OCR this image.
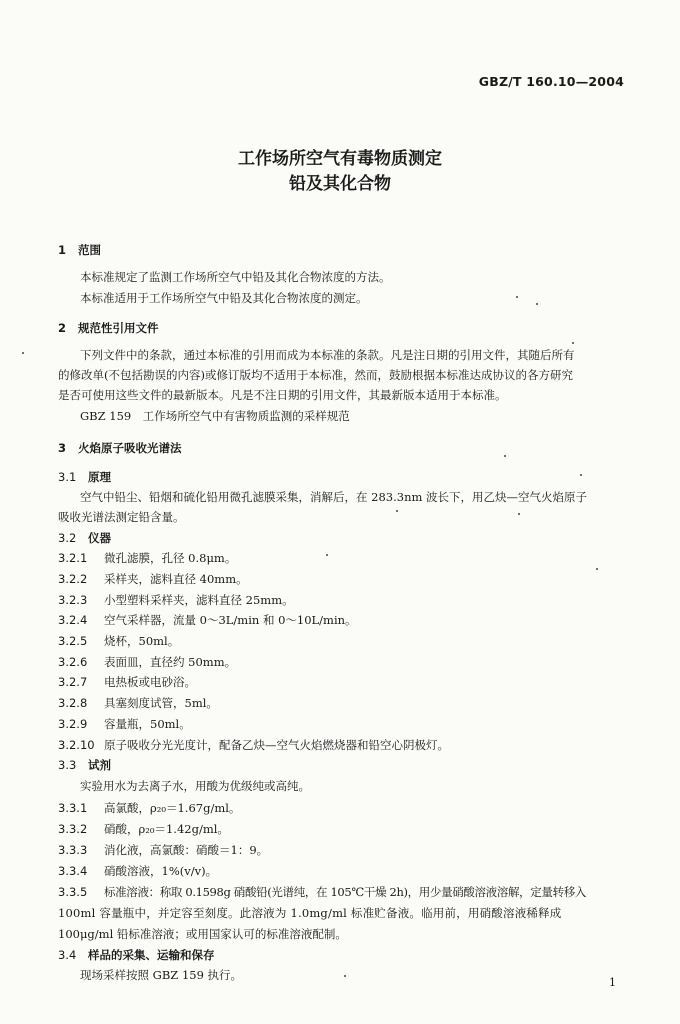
GBZ/T 160.10—2004
工作场所空气有毒物质测定
铅及其化合物
1 范围
本标准规定了监测工作场所空气中铅及其化合物浓度的方法。
本标准适用于工作场所空气中铅及其化合物浓度的测定。
2 规范性引用文件
下列文件中的条款，通过本标准的引用而成为本标准的条款。凡是注日期的引用文件，其随后所有
的修改单(不包括勘误的内容)或修订版均不适用于本标准，然而，鼓励根据本标准达成协议的各方研究
是否可使用这些文件的最新版本。凡是不注日期的引用文件，其最新版本适用于本标准。
GBZ 159　工作场所空气中有害物质监测的采样规范
3 火焰原子吸收光谱法
3.1 原理
空气中铅尘、铅烟和硫化铅用微孔滤膜采集，消解后，在 283.3nm 波长下，用乙炔—空气火焰原子
吸收光谱法测定铅含量。
3.2 仪器
3.2.1 微孔滤膜，孔径 0.8μm。
3.2.2 采样夹，滤料直径 40mm。
3.2.3 小型塑料采样夹，滤料直径 25mm。
3.2.4 空气采样器，流量 0～3L/min 和 0～10L/min。
3.2.5 烧杯，50ml。
3.2.6 表面皿，直径约 50mm。
3.2.7 电热板或电砂浴。
3.2.8 具塞刻度试管，5ml。
3.2.9 容量瓶，50ml。
3.2.10 原子吸收分光光度计，配备乙炔—空气火焰燃烧器和铅空心阴极灯。
3.3 试剂
实验用水为去离子水，用酸为优级纯或高纯。
3.3.1 高氯酸，ρ₂₀＝1.67g/ml。
3.3.2 硝酸，ρ₂₀＝1.42g/ml。
3.3.3 消化液，高氯酸：硝酸＝1：9。
3.3.4 硝酸溶液，1%(v/v)。
3.3.5 标准溶液：称取 0.1598g 硝酸铅(光谱纯，在 105℃干燥 2h)，用少量硝酸溶液溶解，定量转移入
100ml 容量瓶中，并定容至刻度。此溶液为 1.0mg/ml 标准贮备液。临用前，用硝酸溶液稀释成
100μg/ml 铅标准溶液；或用国家认可的标准溶液配制。
3.4 样品的采集、运输和保存
现场采样按照 GBZ 159 执行。
1
